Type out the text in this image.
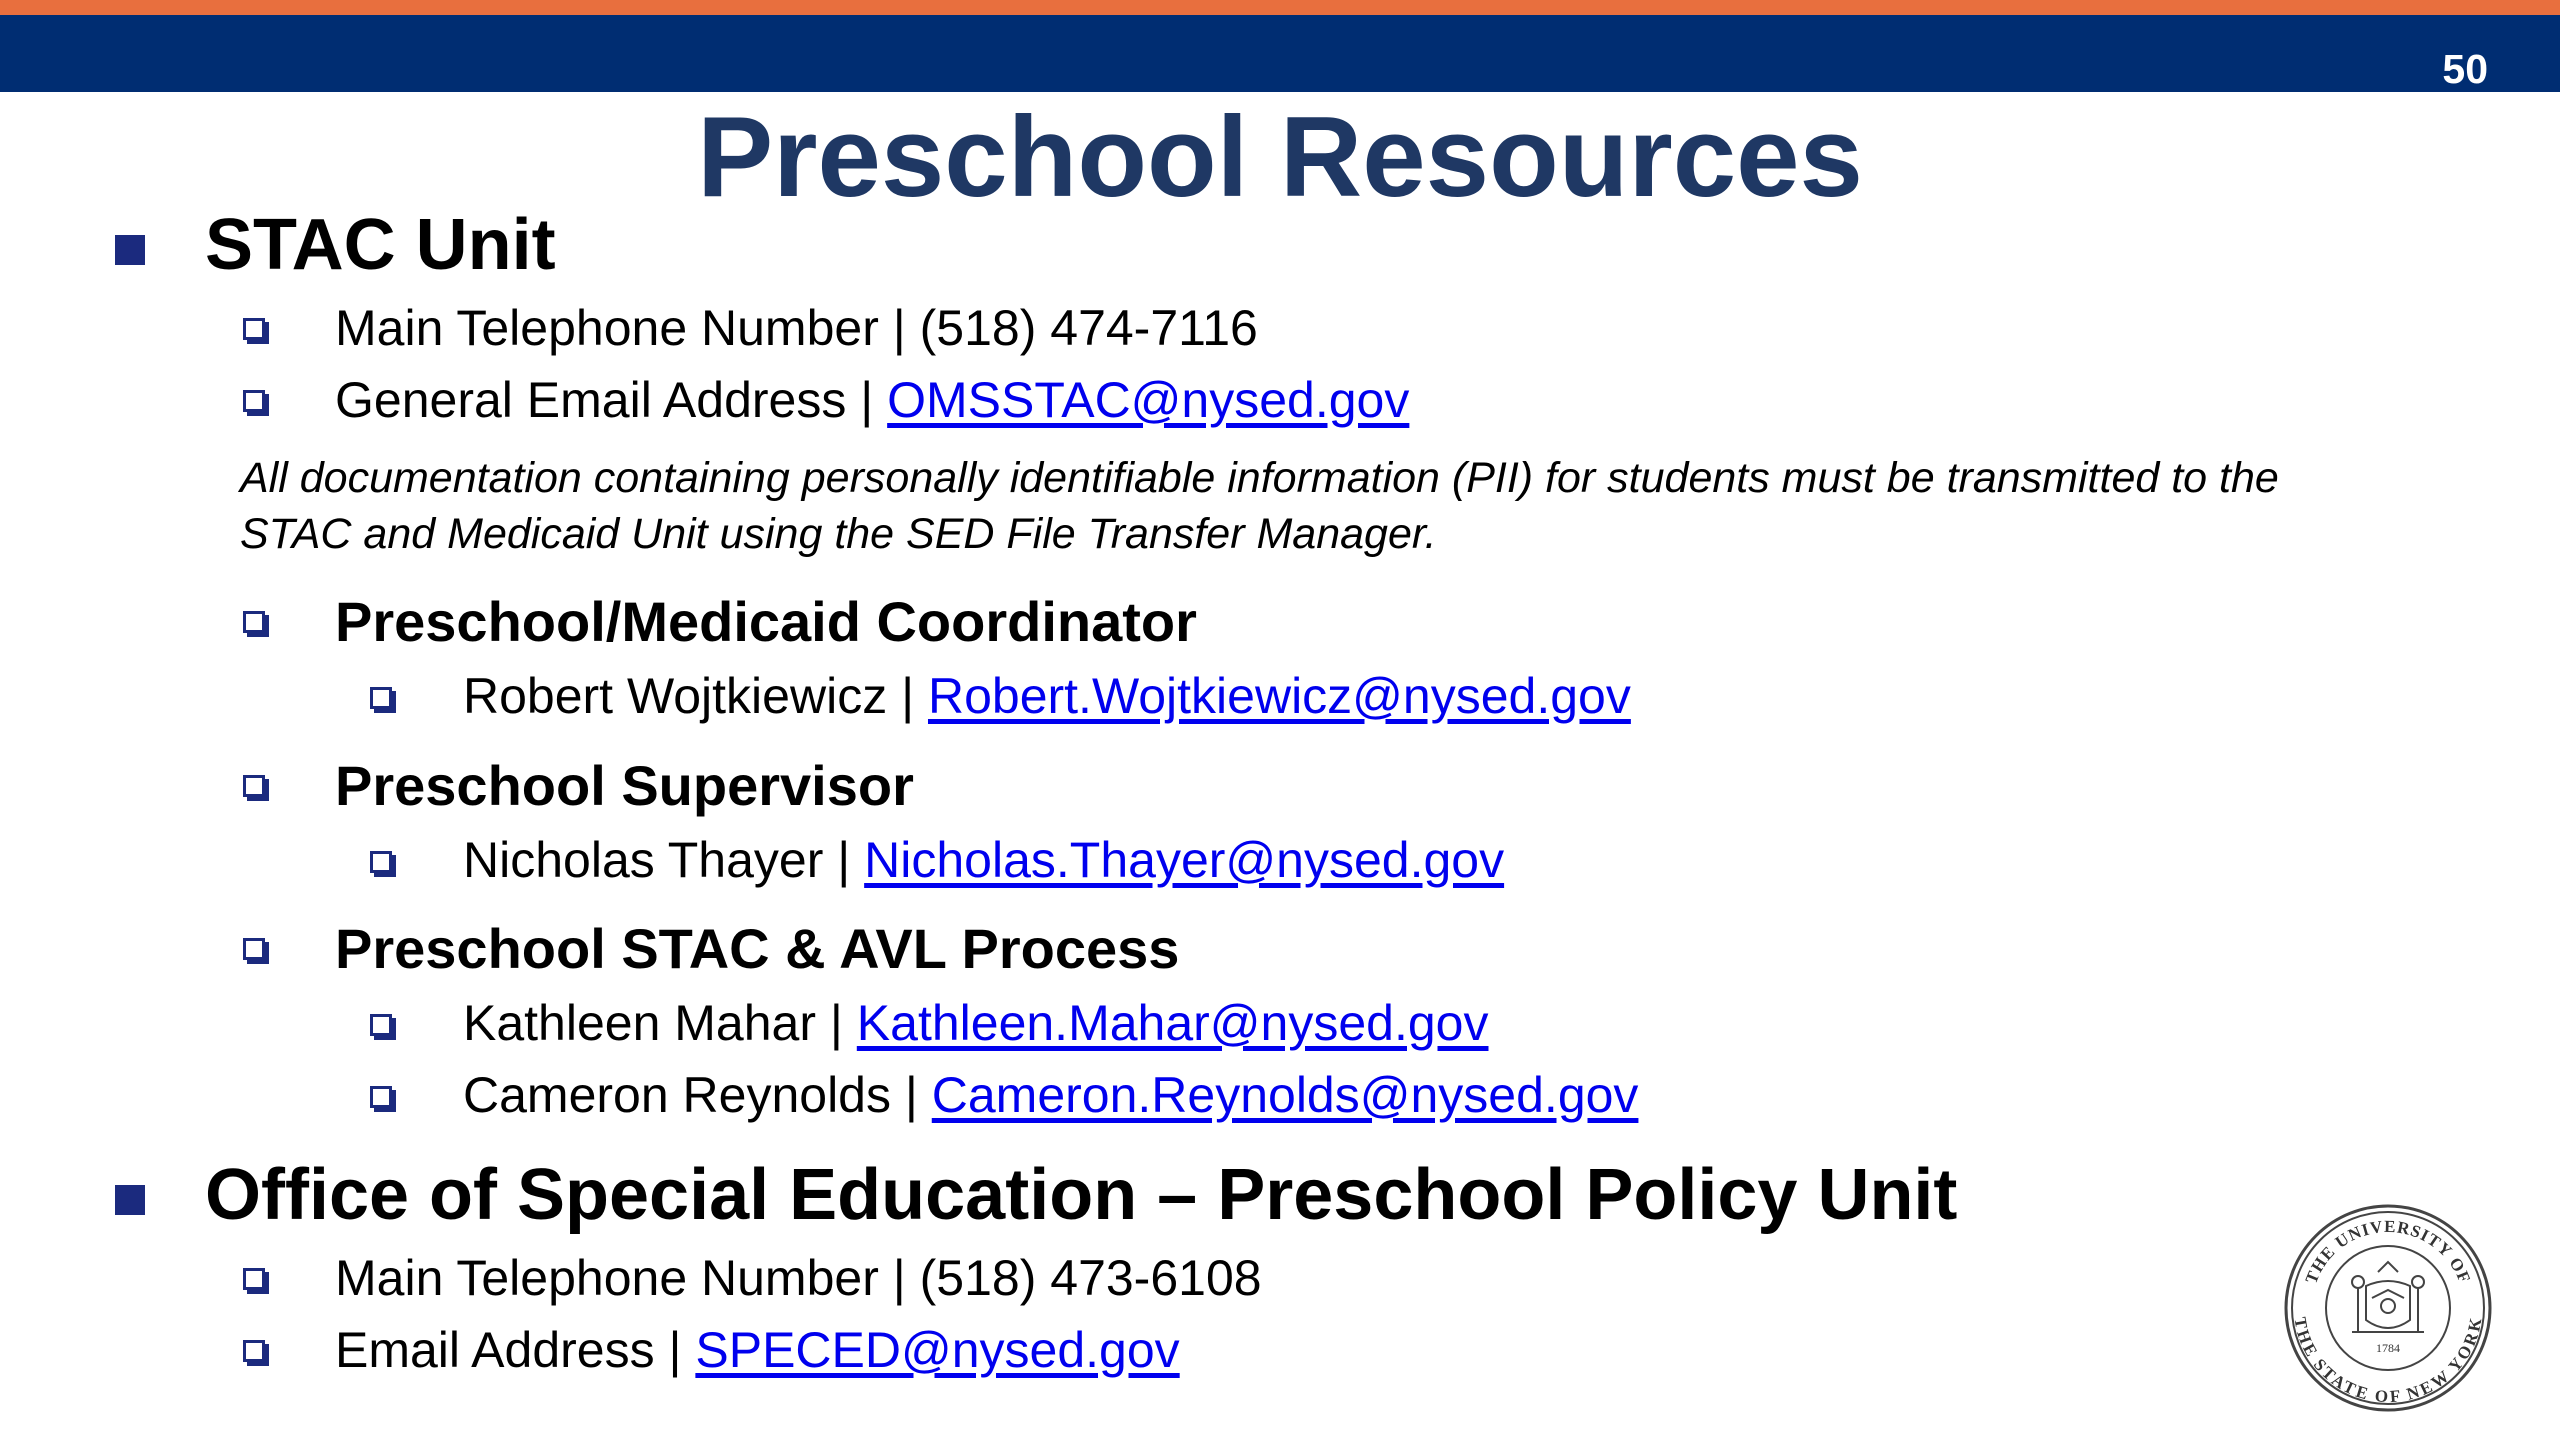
50
Preschool Resources
STAC Unit
Main Telephone Number | (518) 474-7116
General Email Address | OMSSTAC@nysed.gov
All documentation containing personally identifiable information (PII) for students must be transmitted to the
STAC and Medicaid Unit using the SED File Transfer Manager.
Preschool/Medicaid Coordinator
Robert Wojtkiewicz | Robert.Wojtkiewicz@nysed.gov
Preschool Supervisor
Nicholas Thayer | Nicholas.Thayer@nysed.gov
Preschool STAC & AVL Process
Kathleen Mahar | Kathleen.Mahar@nysed.gov
Cameron Reynolds | Cameron.Reynolds@nysed.gov
Office of Special Education – Preschool Policy Unit
Main Telephone Number | (518) 473-6108
Email Address | SPECED@nysed.gov
THE UNIVERSITY OF
THE STATE OF NEW YORK
1784
